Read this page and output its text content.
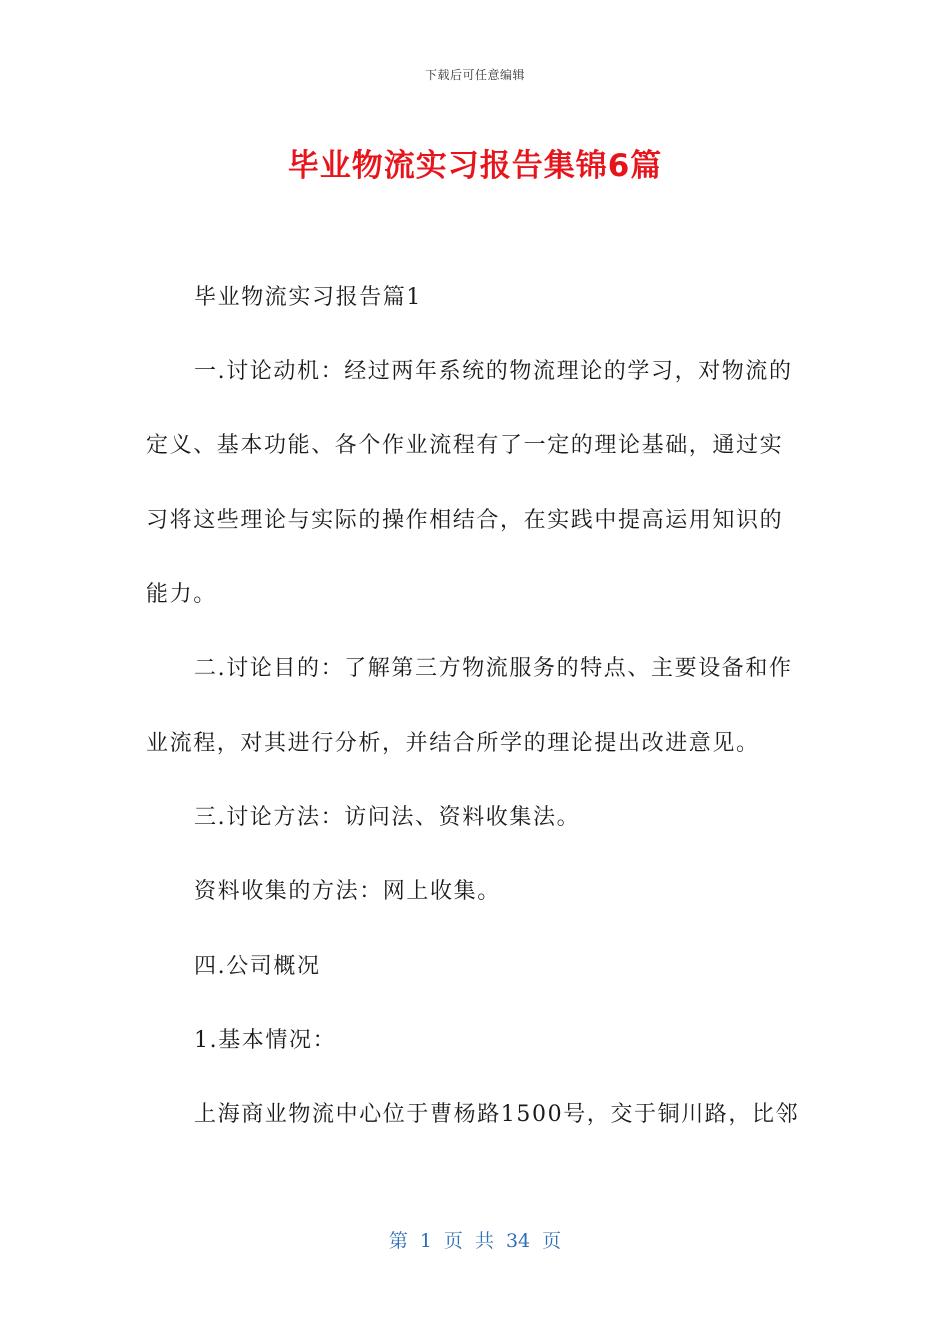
下载后可任意编辑
毕业物流实习报告集锦6篇

毕业物流实习报告篇1

一.讨论动机：经过两年系统的物流理论的学习，对物流的

定义、基本功能、各个作业流程有了一定的理论基础，通过实

习将这些理论与实际的操作相结合，在实践中提高运用知识的

能力。

二.讨论目的：了解第三方物流服务的特点、主要设备和作

业流程，对其进行分析，并结合所学的理论提出改进意见。

三.讨论方法：访问法、资料收集法。

资料收集的方法：网上收集。

四.公司概况

1.基本情况：

上海商业物流中心位于曹杨路1500号，交于铜川路，比邻

第 1 页 共 34 页
